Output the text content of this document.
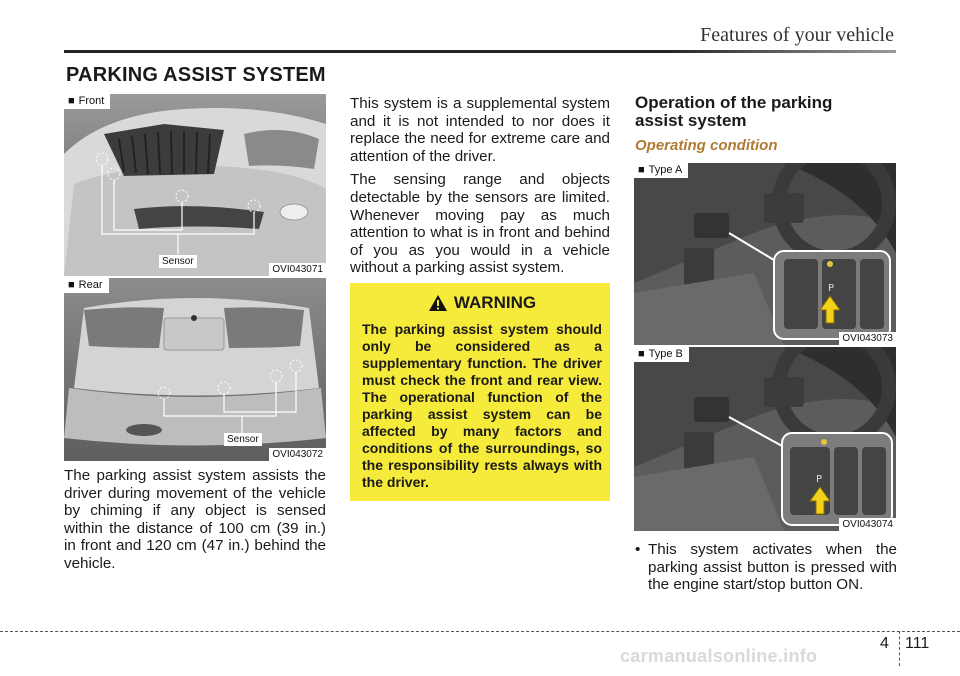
Features of your vehicle
PARKING ASSIST SYSTEM
■ Front
Sensor
OVI043071
■ Rear
Sensor
OVI043072

The parking assist system assists the driver during movement of the vehicle by chiming if any object is sensed within the distance of 100 cm (39 in.) in front and 120 cm (47 in.) behind the vehicle.

This system is a supplemental system and it is not intended to nor does it replace the need for extreme care and attention of the driver.

The sensing range and objects detectable by the sensors are limited. Whenever moving pay as much attention to what is in front and behind of you as you would in a vehicle without a parking assist system.

WARNING
The parking assist system should only be considered as a supplementary function. The driver must check the front and rear view. The operational function of the parking assist system can be affected by many factors and conditions of the surroundings, so the responsibility rests always with the driver.
Operation of the parking assist system
Operating condition
P
■ Type A
OVI043073
P
■ Type B
OVI043074
• This system activates when the parking assist button is pressed with the engine start/stop button ON.
4 111
carmanualsonline.info
